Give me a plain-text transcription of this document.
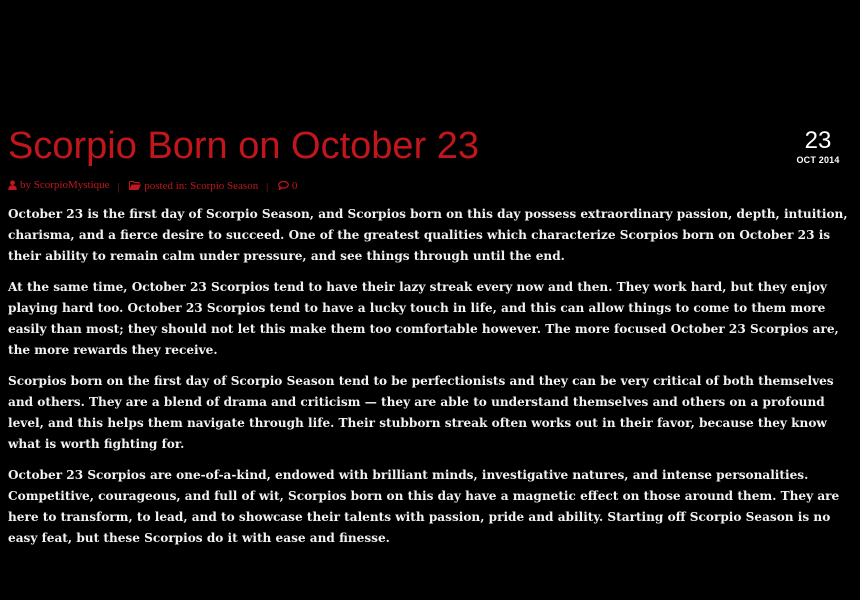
Scorpio Born on October 23	23
OCT 2014
by
ScorpioMystique | posted in:
Scorpio Season | 0

October 23 is the first day of Scorpio Season, and Scorpios born on this day possess extraordinary passion, depth, intuition, charisma, and a fierce desire to succeed. One of the greatest qualities which characterize Scorpios born on October 23 is their ability to remain calm under pressure, and see things through until the end.

At the same time, October 23 Scorpios tend to have their lazy streak every now and then. They work hard, but they enjoy playing hard too. October 23 Scorpios tend to have a lucky touch in life, and this can allow things to come to them more easily than most; they should not let this make them too comfortable however. The more focused October 23 Scorpios are, the more rewards they receive.

Scorpios born on the first day of Scorpio Season tend to be perfectionists and they can be very critical of both themselves and others. They are a blend of drama and criticism — they are able to understand themselves and others on a profound level, and this helps them navigate through life. Their stubborn streak often works out in their favor, because they know what is worth fighting for.

October 23 Scorpios are one-of-a-kind, endowed with brilliant minds, investigative natures, and intense personalities. Competitive, courageous, and full of wit, Scorpios born on this day have a magnetic effect on those around them. They are here to transform, to lead, and to showcase their talents with passion, pride and ability. Starting off Scorpio Season is no easy feat, but these Scorpios do it with ease and finesse.
